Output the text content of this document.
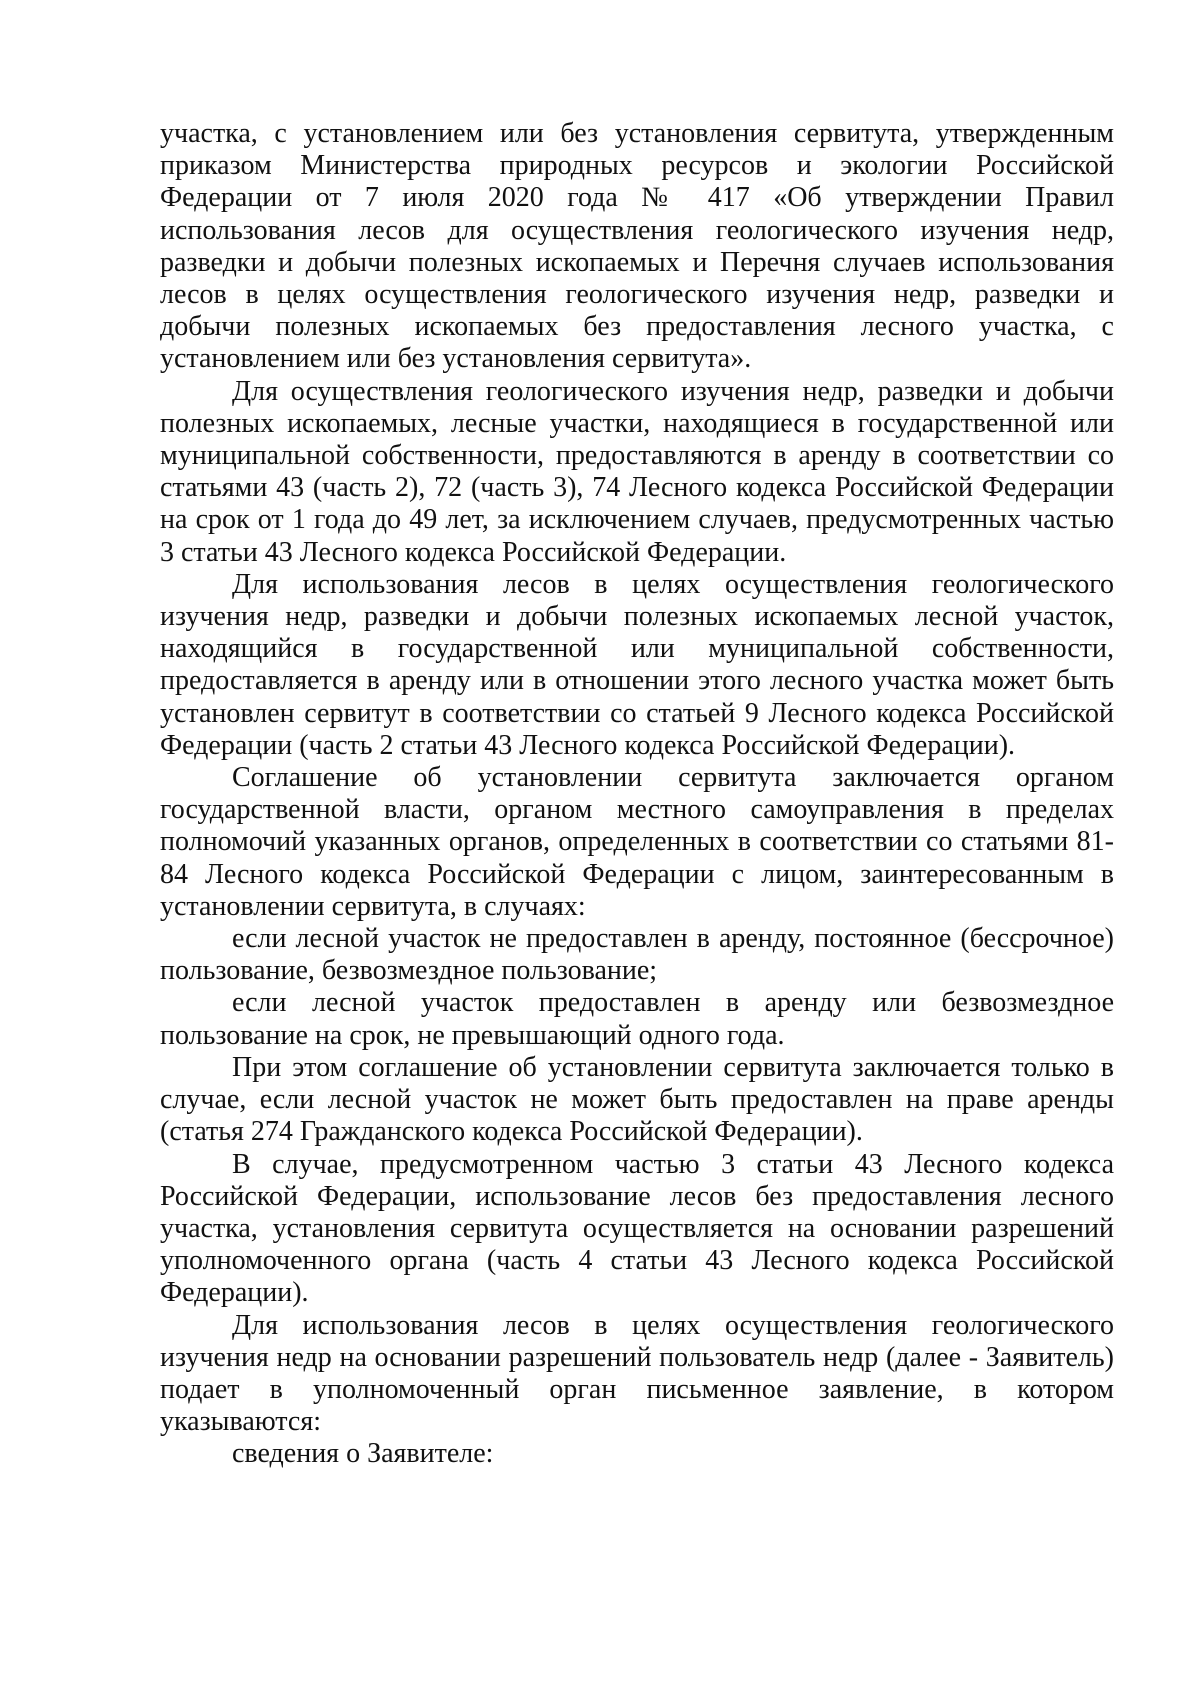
участка, с установлением или без установления сервитута, утвержденным приказом Министерства природных ресурсов и экологии Российской Федерации от 7 июля 2020 года № 417 «Об утверждении Правил использования лесов для осуществления геологического изучения недр, разведки и добычи полезных ископаемых и Перечня случаев использования лесов в целях осуществления геологического изучения недр, разведки и добычи полезных ископаемых без предоставления лесного участка, с установлением или без установления сервитута».

Для осуществления геологического изучения недр, разведки и добычи полезных ископаемых, лесные участки, находящиеся в государственной или муниципальной собственности, предоставляются в аренду в соответствии со статьями 43 (часть 2), 72 (часть 3), 74 Лесного кодекса Российской Федерации на срок от 1 года до 49 лет, за исключением случаев, предусмотренных частью 3 статьи 43 Лесного кодекса Российской Федерации.

Для использования лесов в целях осуществления геологического изучения недр, разведки и добычи полезных ископаемых лесной участок, находящийся в государственной или муниципальной собственности, предоставляется в аренду или в отношении этого лесного участка может быть установлен сервитут в соответствии со статьей 9 Лесного кодекса Российской Федерации (часть 2 статьи 43 Лесного кодекса Российской Федерации).

Соглашение об установлении сервитута заключается органом государственной власти, органом местного самоуправления в пределах полномочий указанных органов, определенных в соответствии со статьями 81-84 Лесного кодекса Российской Федерации с лицом, заинтересованным в установлении сервитута, в случаях:

если лесной участок не предоставлен в аренду, постоянное (бессрочное) пользование, безвозмездное пользование;

если лесной участок предоставлен в аренду или безвозмездное пользование на срок, не превышающий одного года.

При этом соглашение об установлении сервитута заключается только в случае, если лесной участок не может быть предоставлен на праве аренды (статья 274 Гражданского кодекса Российской Федерации).

В случае, предусмотренном частью 3 статьи 43 Лесного кодекса Российской Федерации, использование лесов без предоставления лесного участка, установления сервитута осуществляется на основании разрешений уполномоченного органа (часть 4 статьи 43 Лесного кодекса Российской Федерации).

Для использования лесов в целях осуществления геологического изучения недр на основании разрешений пользователь недр (далее - Заявитель) подает в уполномоченный орган письменное заявление, в котором указываются:

сведения о Заявителе:
